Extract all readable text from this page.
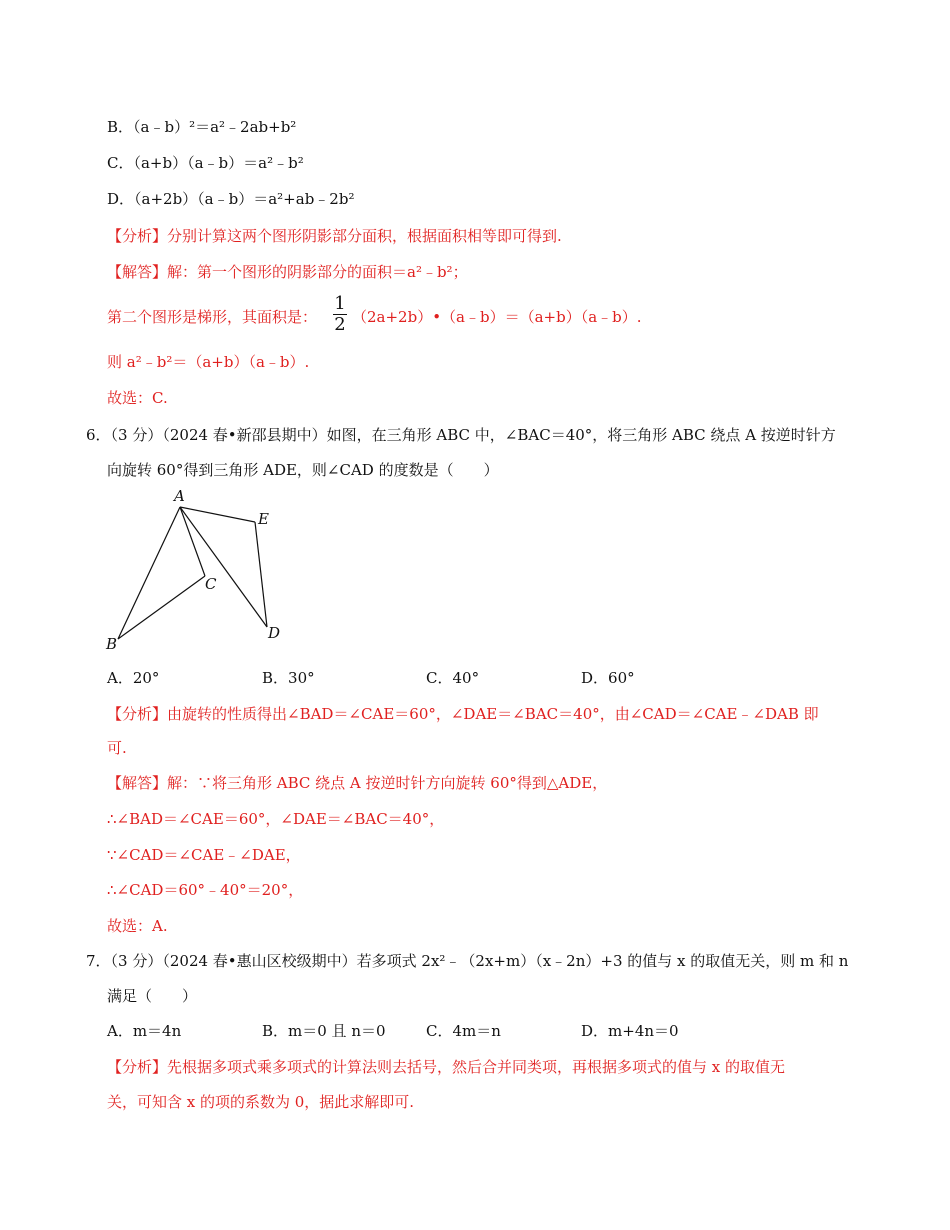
B．（a﹣b）²＝a²﹣2ab+b²
C．（a+b）（a﹣b）＝a²﹣b²
D．（a+2b）（a﹣b）＝a²+ab﹣2b²
【分析】分别计算这两个图形阴影部分面积，根据面积相等即可得到.
【解答】解：第一个图形的阴影部分的面积＝a²﹣b²；
第二个图形是梯形，其面积是：
1
2 （2a+2b）•（a﹣b）＝（a+b）（a﹣b）.
则 a²﹣b²＝（a+b）（a﹣b）.
故选：C.
6．（3 分）（2024 春•新邵县期中）如图，在三角形 ABC 中，∠BAC＝40°，将三角形 ABC 绕点 A 按逆时针方
向旋转 60°得到三角形 ADE，则∠CAD 的度数是（　　）
A
B
C
D
E
A．20°	B．30°	C．40°	D．60°
【分析】由旋转的性质得出∠BAD＝∠CAE＝60°，∠DAE＝∠BAC＝40°，由∠CAD＝∠CAE﹣∠DAB 即
可.
【解答】解：∵将三角形 ABC 绕点 A 按逆时针方向旋转 60°得到△ADE，
∴∠BAD＝∠CAE＝60°，∠DAE＝∠BAC＝40°，
∵∠CAD＝∠CAE﹣∠DAE，
∴∠CAD＝60°﹣40°＝20°，
故选：A.
7．（3 分）（2024 春•惠山区校级期中）若多项式 2x²﹣（2x+m）（x﹣2n）+3 的值与 x 的取值无关，则 m 和 n
满足（　　）
A．m＝4n	B．m＝0 且 n＝0	C．4m＝n	D．m+4n＝0
【分析】先根据多项式乘多项式的计算法则去括号，然后合并同类项，再根据多项式的值与 x 的取值无
关，可知含 x 的项的系数为 0，据此求解即可.
